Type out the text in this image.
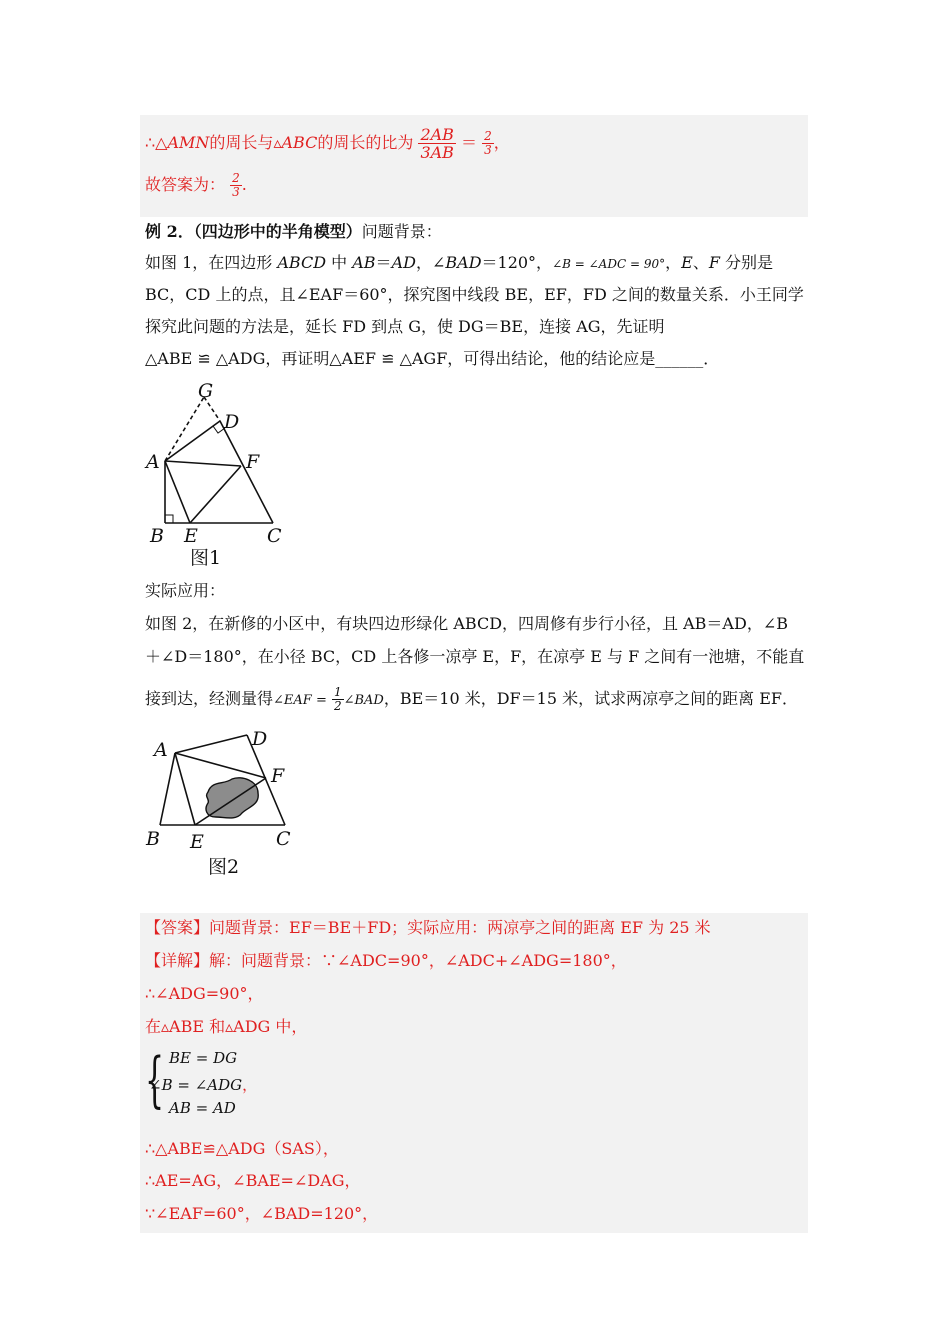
∴△AMN的周长与▵ABC的周长的比为 $\frac{2AB}{3AB} = \frac{2}{3}$ ，
故答案为： $\frac{2}{3}$ .
例 2．（四边形中的半角模型）问题背景：
如图 1，在四边形 ABCD 中 AB＝AD，∠BAD＝120°，∠B = ∠ADC = 90°，E、F 分别是
BC，CD 上的点，且∠EAF＝60°，探究图中线段 BE，EF，FD 之间的数量关系．小王同学
探究此问题的方法是，延长 FD 到点 G，使 DG＝BE，连接 AG，先证明
△ABE ≌ △ADG，再证明△AEF ≌ △AGF，可得出结论，他的结论应是______．
G
D
A	F
B E	C
图1
实际应用：
如图 2，在新修的小区中，有块四边形绿化 ABCD，四周修有步行小径，且 AB＝AD，∠B
＋∠D＝180°，在小径 BC，CD 上各修一凉亭 E，F，在凉亭 E 与 F 之间有一池塘，不能直
接到达，经测量得∠EAF = $\frac{1}{2}$ ∠BAD，BE＝10 米，DF＝15 米，试求两凉亭之间的距离 EF．
A	D
F
B E	C
图2
【答案】问题背景：EF＝BE＋FD；实际应用：两凉亭之间的距离 EF 为 25 米
【详解】解：问题背景：∵∠ADC=90°，∠ADC+∠ADG=180°，
∴∠ADG=90°，
在▵ABE 和▵ADG 中，
{ BE = DG
∠B = ∠ADG，
AB = AD
∴△ABE≌△ADG（SAS），
∴AE=AG，∠BAE=∠DAG，
∵∠EAF=60°，∠BAD=120°，
